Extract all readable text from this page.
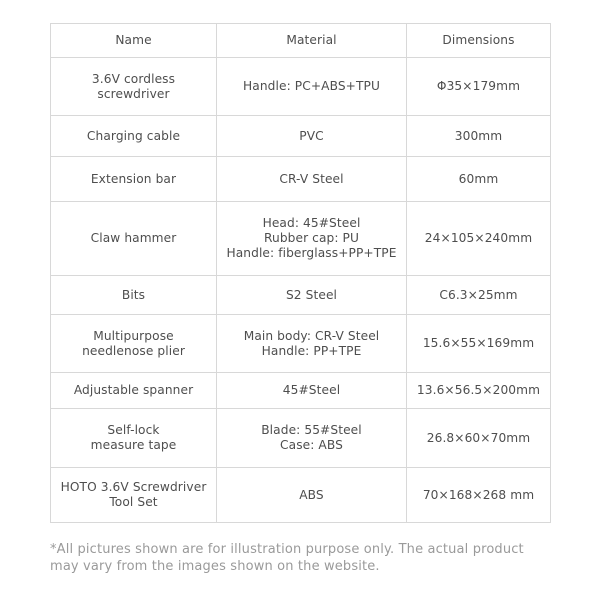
Name	Material	Dimensions

3.6V cordless
screwdriver	Handle: PC+ABS+TPU	Φ35×179mm

Charging cable	PVC	300mm

Extension bar	CR-V Steel	60mm

Claw hammer	Head: 45#Steel
Rubber cap: PU
Handle: fiberglass+PP+TPE	24×105×240mm

Bits	S2 Steel	C6.3×25mm

Multipurpose
needlenose plier	Main body: CR-V Steel
Handle: PP+TPE	15.6×55×169mm

Adjustable spanner	45#Steel	13.6×56.5×200mm

Self-lock
measure tape	Blade: 55#Steel
Case: ABS	26.8×60×70mm

HOTO 3.6V Screwdriver
Tool Set	ABS	70×168×268 mm
*All pictures shown are for illustration purpose only. The actual product
may vary from the images shown on the website.
